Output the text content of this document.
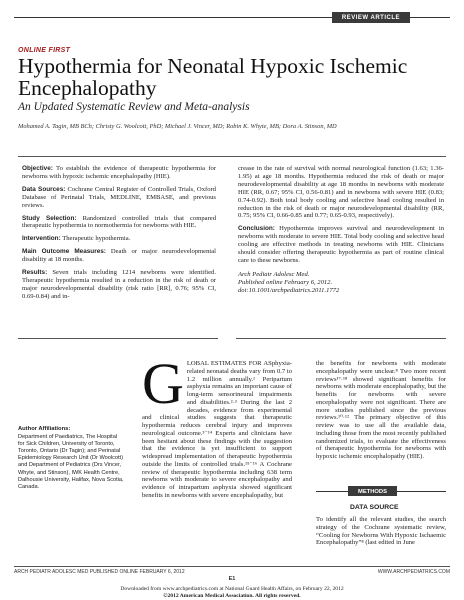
REVIEW ARTICLE
ONLINE FIRST
Hypothermia for Neonatal Hypoxic Ischemic Encephalopathy
An Updated Systematic Review and Meta-analysis
Mohamed A. Tagin, MB BCh; Christy G. Woolcott, PhD; Michael J. Vincer, MD; Robin K. Whyte, MB; Dora A. Stinson, MD

Objective: To establish the evidence of therapeutic hypothermia for newborns with hypoxic ischemic encephalopathy (HIE).

Data Sources: Cochrane Central Register of Controlled Trials, Oxford Database of Perinatal Trials, MEDLINE, EMBASE, and previous reviews.

Study Selection: Randomized controlled trials that compared therapeutic hypothermia to normothermia for newborns with HIE.

Intervention: Therapeutic hypothermia.

Main Outcome Measures: Death or major neurodevelopmental disability at 18 months.

Results: Seven trials including 1214 newborns were identified. Therapeutic hypothermia resulted in a reduction in the risk of death or major neurodevelopmental disability (risk ratio [RR], 0.76; 95% CI, 0.69-0.84) and in-

crease in the rate of survival with normal neurological function (1.63; 1.36-1.95) at age 18 months. Hypothermia reduced the risk of death or major neurodevelopmental disability at age 18 months in newborns with moderate HIE (RR, 0.67; 95% CI, 0.56-0.81) and in newborns with severe HIE (0.83; 0.74-0.92). Both total body cooling and selective head cooling resulted in reduction in the risk of death or major neurodevelopmental disability (RR, 0.75; 95% CI, 0.66-0.85 and 0.77; 0.65-0.93, respectively).

Conclusion: Hypothermia improves survival and neurodevelopment in newborns with moderate to severe HIE. Total body cooling and selective head cooling are effective methods in treating newborns with HIE. Clinicians should consider offering therapeutic hypothermia as part of routine clinical care to these newborns.

Arch Pediatr Adolesc Med.

Published online February 6, 2012.

doi:10.1001/archpediatrics.2011.1772

GLOBAL ESTIMATES FOR ASphyxia-related neonatal deaths vary from 0.7 to 1.2 million annually.¹ Peripartum asphyxia remains an important cause of long-term sensorineural impairments and disabilities.²·³ During the last 2 decades, evidence from experimental and clinical studies suggests that therapeutic hypothermia reduces cerebral injury and improves neurological outcome.³⁻¹⁴ Experts and clinicians have been hesitant about these findings with the suggestion that the evidence is yet insufficient to support widespread implementation of therapeutic hypothermia outside the limits of controlled trials.¹⁵⁻¹⁶ A Cochrane review of therapeutic hypothermia including 638 term newborns with moderate to severe encephalopathy and evidence of intrapartum asphyxia showed significant benefits in newborns with severe encephalopathy, but
Author Affiliations:
Department of Paediatrics, The Hospital for Sick Children, University of Toronto, Toronto, Ontario (Dr Tagin); and Perinatal Epidemiology Research Unit (Dr Woolcott) and Department of Pediatrics (Drs Vincer, Whyte, and Stinson), IWK Health Centre, Dalhousie University, Halifax, Nova Scotia, Canada.
the benefits for newborns with moderate encephalopathy were unclear.⁸ Two more recent reviews¹⁷·¹⁸ showed significant benefits for newborns with moderate encephalopathy, but the benefits for newborns with severe encephalopathy were not significant. There are more studies published since the previous reviews.¹⁰·¹² The primary objective of this review was to use all the available data, including those from the most recently published randomized trials, to evaluate the effectiveness of therapeutic hypothermia for newborns with hypoxic ischemic encephalopathy (HIE).
METHODS
DATA SOURCE
To identify all the relevant studies, the search strategy of the Cochrane systematic review, “Cooling for Newborns With Hypoxic Ischaemic Encephalopathy”⁸ (last edited in June
ARCH PEDIATR ADOLESC MED PUBLISHED ONLINE FEBRUARY 6, 2012	WWW.ARCHPEDIATRICS.COM
E1
Downloaded from www.archpediatrics.com at National Guard Health Affairs, on February 22, 2012
©2012 American Medical Association. All rights reserved.
